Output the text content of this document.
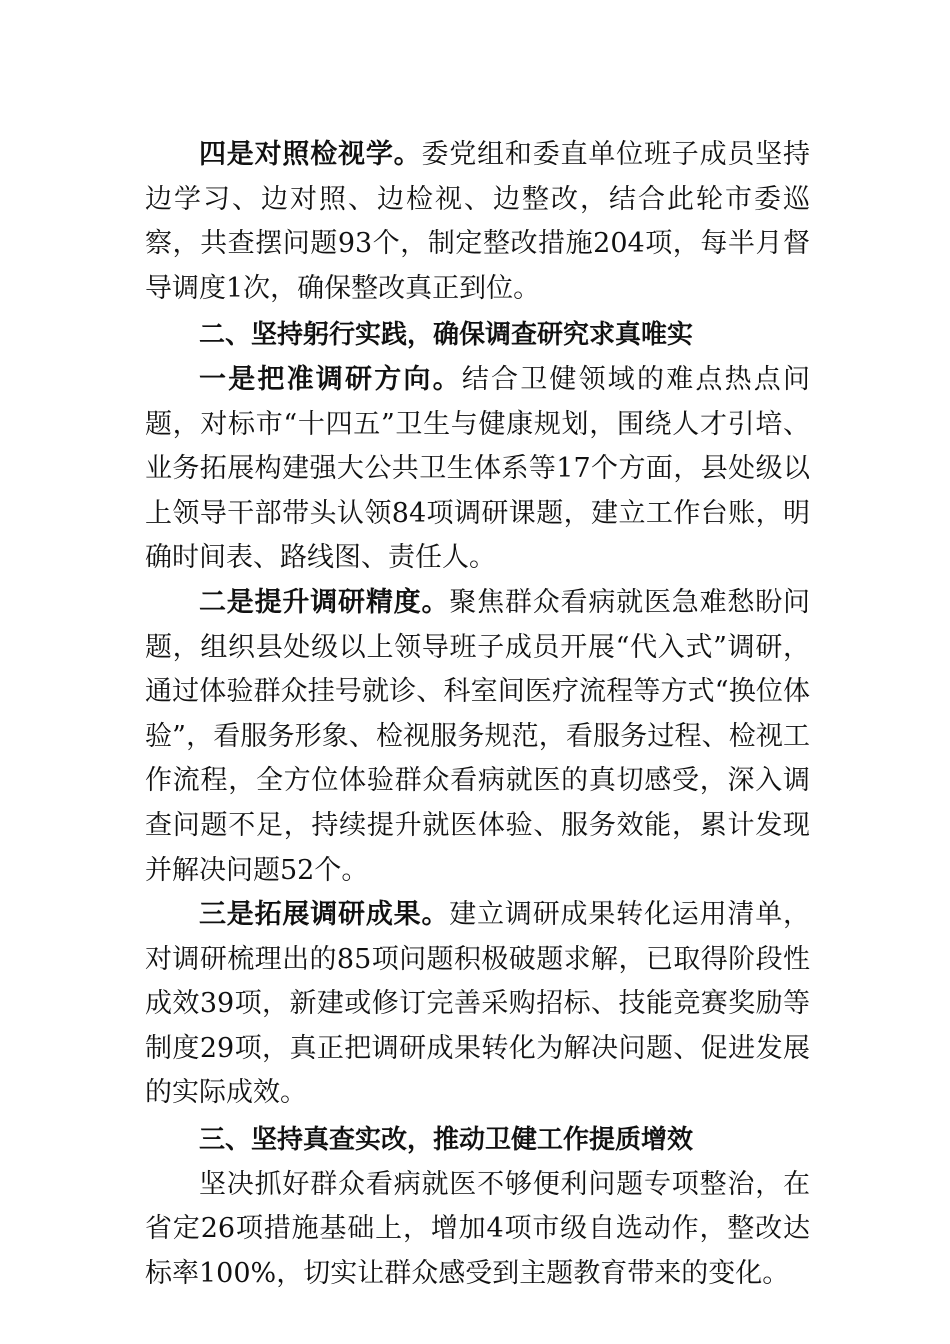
四是对照检视学。委党组和委直单位班子成员坚持边学习、边对照、边检视、边整改，结合此轮市委巡察，共查摆问题93个，制定整改措施204项，每半月督导调度1次，确保整改真正到位。

二、坚持躬行实践，确保调查研究求真唯实

一是把准调研方向。结合卫健领域的难点热点问题，对标市“十四五”卫生与健康规划，围绕人才引培、业务拓展构建强大公共卫生体系等17个方面，县处级以上领导干部带头认领84项调研课题，建立工作台账，明确时间表、路线图、责任人。

二是提升调研精度。聚焦群众看病就医急难愁盼问题，组织县处级以上领导班子成员开展“代入式”调研，通过体验群众挂号就诊、科室间医疗流程等方式“换位体验”，看服务形象、检视服务规范，看服务过程、检视工作流程，全方位体验群众看病就医的真切感受，深入调查问题不足，持续提升就医体验、服务效能，累计发现并解决问题52个。

三是拓展调研成果。建立调研成果转化运用清单，对调研梳理出的85项问题积极破题求解，已取得阶段性成效39项，新建或修订完善采购招标、技能竞赛奖励等制度29项，真正把调研成果转化为解决问题、促进发展的实际成效。

三、坚持真查实改，推动卫健工作提质增效

坚决抓好群众看病就医不够便利问题专项整治，在省定26项措施基础上，增加4项市级自选动作，整改达标率100%，切实让群众感受到主题教育带来的变化。
